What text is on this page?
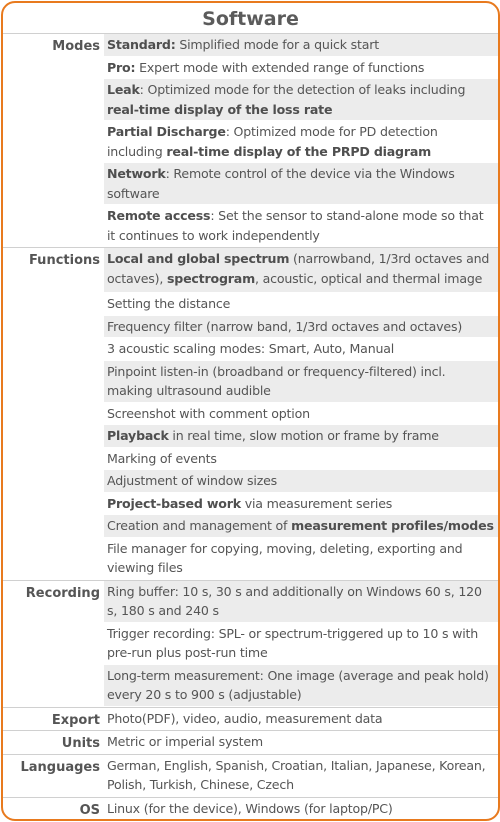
Software
Modes Standard: Simplified mode for a quick start
Pro: Expert mode with extended range of functions
Leak: Optimized mode for the detection of leaks including real-time display of the loss rate
Partial Discharge: Optimized mode for PD detection including real-time display of the PRPD diagram
Network: Remote control of the device via the Windows software
Remote access: Set the sensor to stand-alone mode so that it continues to work independently
Functions Local and global spectrum (narrowband, 1/3rd octaves and octaves), spectrogram, acoustic, optical and thermal image
Setting the distance
Frequency filter (narrow band, 1/3rd octaves and octaves)
3 acoustic scaling modes: Smart, Auto, Manual
Pinpoint listen-in (broadband or frequency-filtered) incl. making ultrasound audible
Screenshot with comment option
Playback in real time, slow motion or frame by frame
Marking of events
Adjustment of window sizes
Project-based work via measurement series
Creation and management of measurement profiles/modes
File manager for copying, moving, deleting, exporting and viewing files
Recording Ring buffer: 10 s, 30 s and additionally on Windows 60 s, 120 s, 180 s and 240 s
Trigger recording: SPL- or spectrum-triggered up to 10 s with pre-run plus post-run time
Long-term measurement: One image (average and peak hold) every 20 s to 900 s (adjustable)
Export Photo(PDF), video, audio, measurement data
Units Metric or imperial system
Languages German, English, Spanish, Croatian, Italian, Japanese, Korean, Polish, Turkish, Chinese, Czech
OS Linux (for the device), Windows (for laptop/PC)
